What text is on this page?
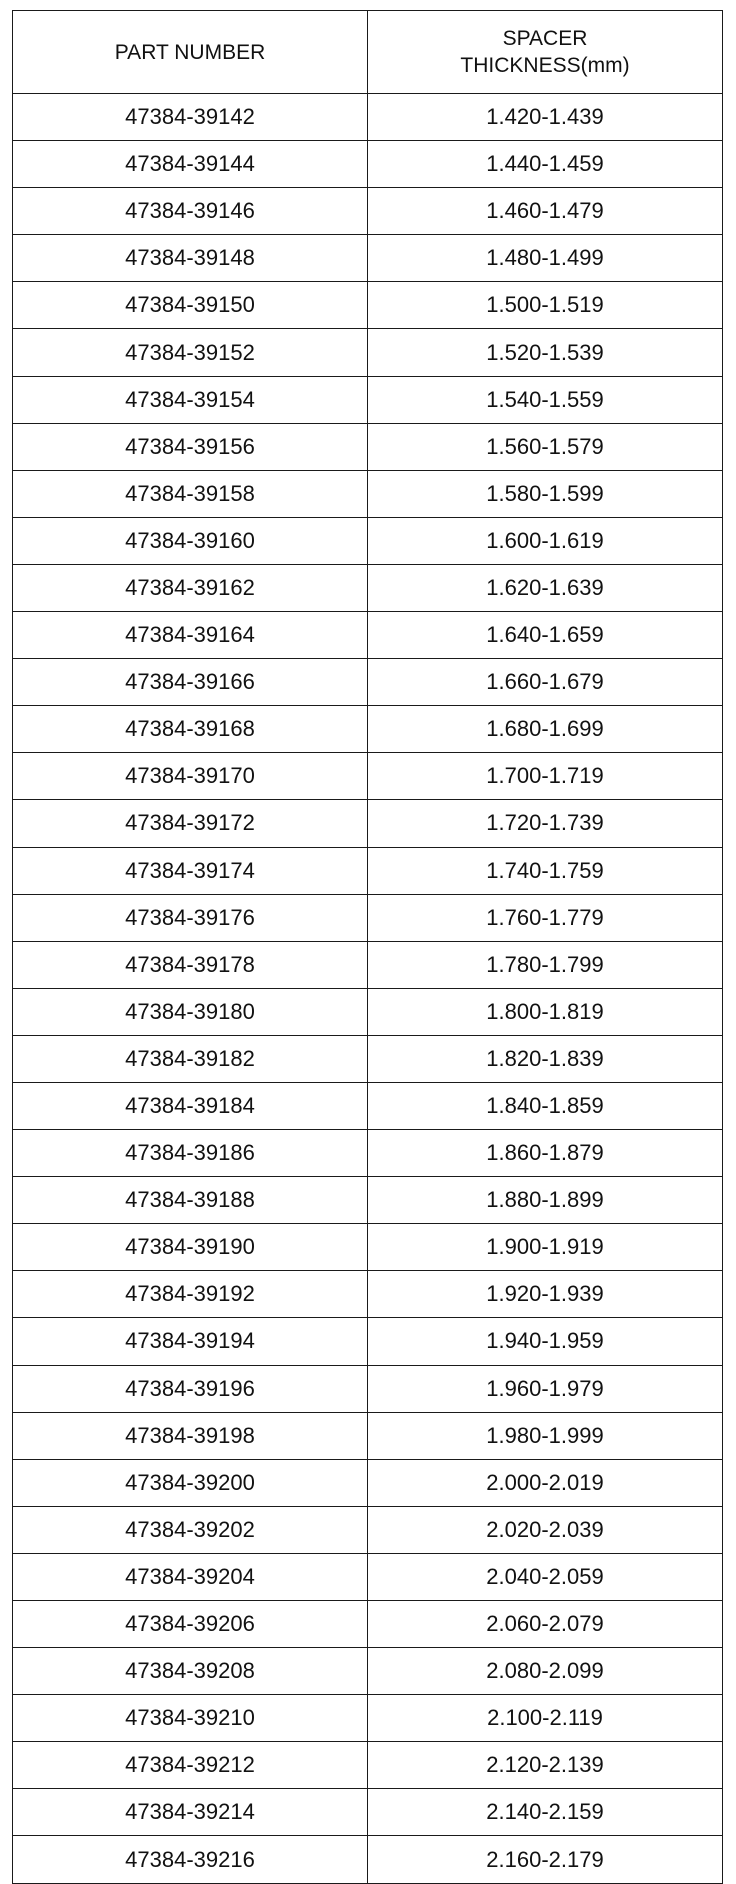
PART NUMBER	SPACER
THICKNESS(mm)

47384-39142	1.420-1.439
47384-39144	1.440-1.459
47384-39146	1.460-1.479
47384-39148	1.480-1.499
47384-39150	1.500-1.519
47384-39152	1.520-1.539
47384-39154	1.540-1.559
47384-39156	1.560-1.579
47384-39158	1.580-1.599
47384-39160	1.600-1.619
47384-39162	1.620-1.639
47384-39164	1.640-1.659
47384-39166	1.660-1.679
47384-39168	1.680-1.699
47384-39170	1.700-1.719
47384-39172	1.720-1.739
47384-39174	1.740-1.759
47384-39176	1.760-1.779
47384-39178	1.780-1.799
47384-39180	1.800-1.819
47384-39182	1.820-1.839
47384-39184	1.840-1.859
47384-39186	1.860-1.879
47384-39188	1.880-1.899
47384-39190	1.900-1.919
47384-39192	1.920-1.939
47384-39194	1.940-1.959
47384-39196	1.960-1.979
47384-39198	1.980-1.999
47384-39200	2.000-2.019
47384-39202	2.020-2.039
47384-39204	2.040-2.059
47384-39206	2.060-2.079
47384-39208	2.080-2.099
47384-39210	2.100-2.119
47384-39212	2.120-2.139
47384-39214	2.140-2.159
47384-39216	2.160-2.179
